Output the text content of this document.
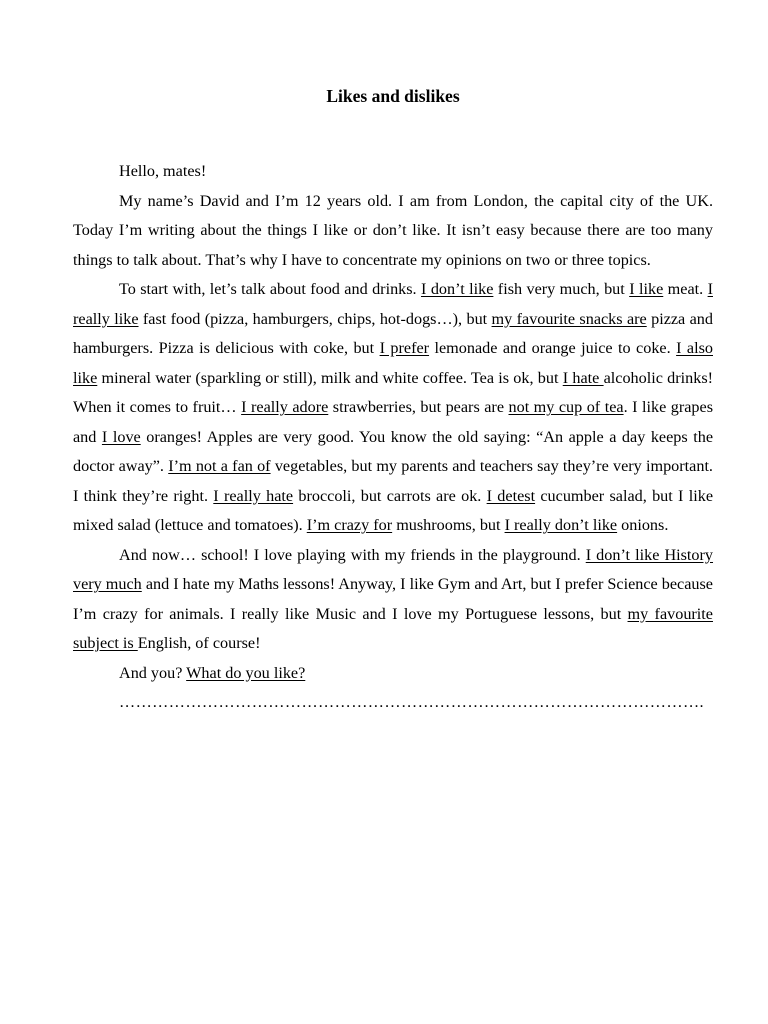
Likes and dislikes

Hello, mates!

My name’s David and I’m 12 years old. I am from London, the capital city of the UK. Today I’m writing about the things I like or don’t like. It isn’t easy because there are too many things to talk about. That’s why I have to concentrate my opinions on two or three topics.

To start with, let’s talk about food and drinks. I don’t like fish very much, but I like meat. I really like fast food (pizza, hamburgers, chips, hot-dogs…), but my favourite snacks are pizza and hamburgers. Pizza is delicious with coke, but I prefer lemonade and orange juice to coke. I also like mineral water (sparkling or still), milk and white coffee. Tea is ok, but I hate alcoholic drinks! When it comes to fruit… I really adore strawberries, but pears are not my cup of tea. I like grapes and I love oranges! Apples are very good. You know the old saying: “An apple a day keeps the doctor away”. I’m not a fan of vegetables, but my parents and teachers say they’re very important. I think they’re right. I really hate broccoli, but carrots are ok. I detest cucumber salad, but I like mixed salad (lettuce and tomatoes). I’m crazy for mushrooms, but I really don’t like onions.

And now… school! I love playing with my friends in the playground. I don’t like History very much and I hate my Maths lessons! Anyway, I like Gym and Art, but I prefer Science because I’m crazy for animals. I really like Music and I love my Portuguese lessons, but my favourite subject is English, of course!

And you? What do you like?

…………………………………………………………………………………………….
